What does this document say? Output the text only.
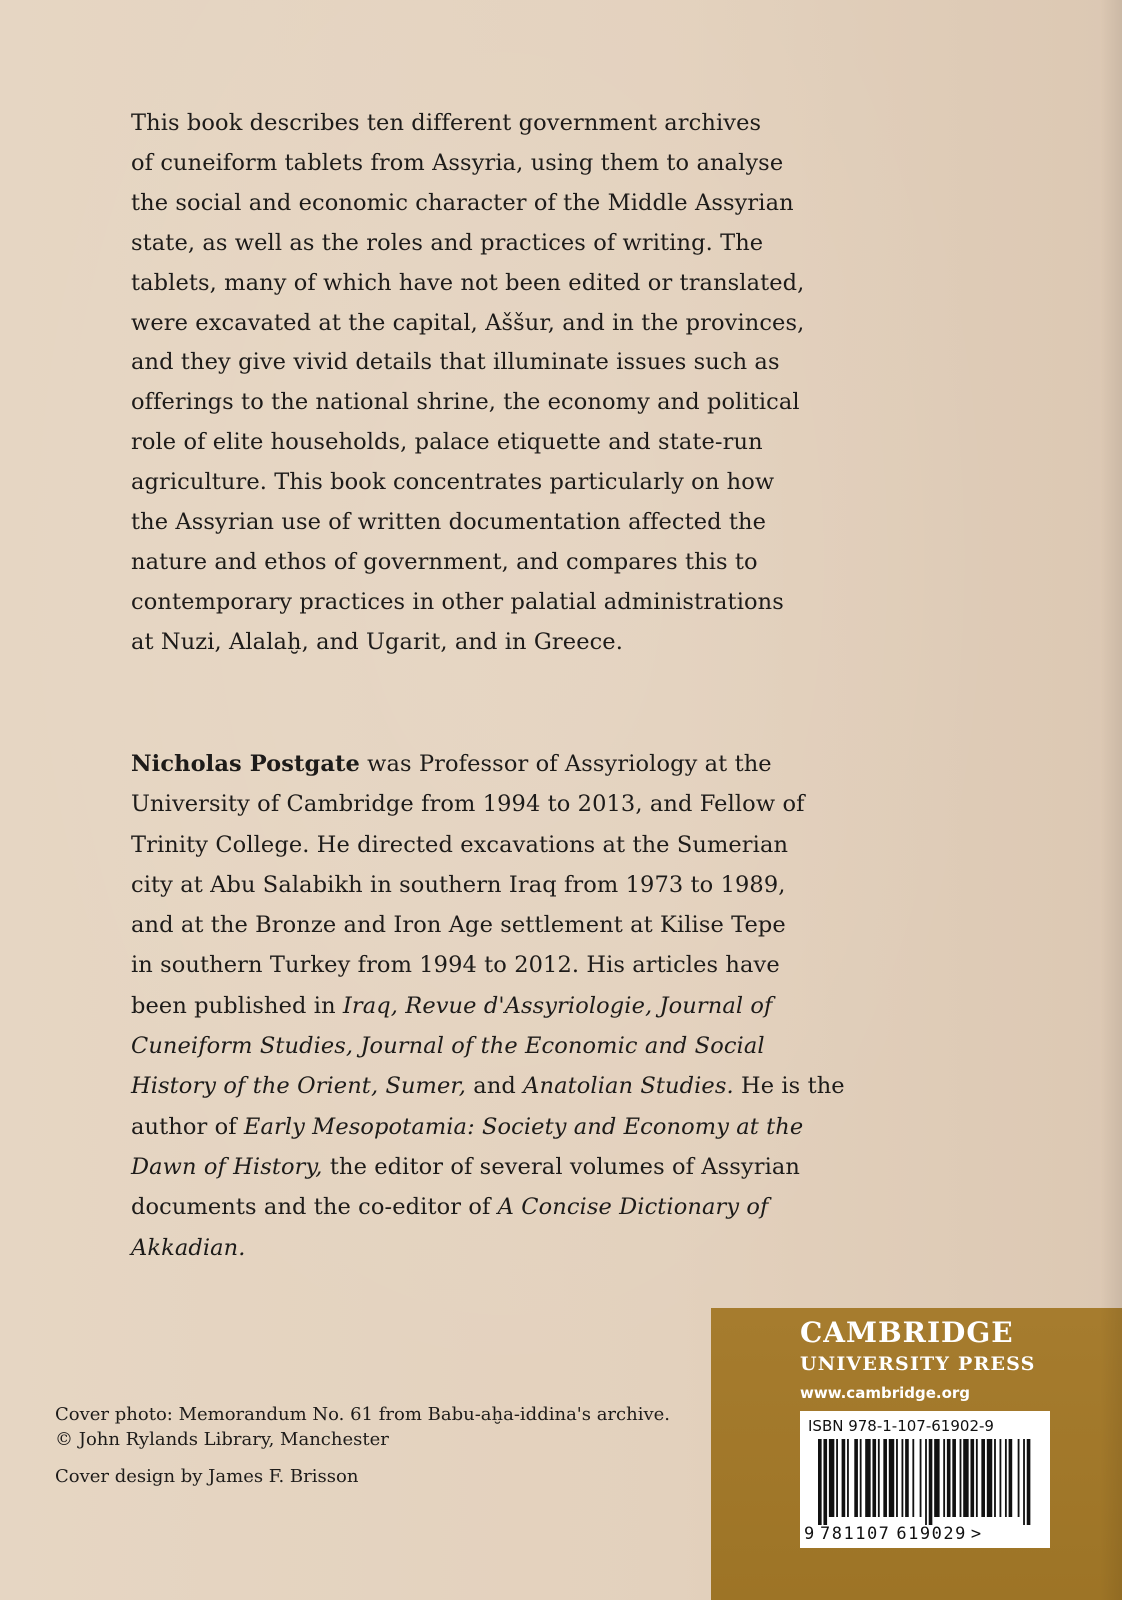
This book describes ten different government archives
of cuneiform tablets from Assyria, using them to analyse
the social and economic character of the Middle Assyrian
state, as well as the roles and practices of writing. The
tablets, many of which have not been edited or translated,
were excavated at the capital, Aššur, and in the provinces,
and they give vivid details that illuminate issues such as
offerings to the national shrine, the economy and political
role of elite households, palace etiquette and state-run
agriculture. This book concentrates particularly on how
the Assyrian use of written documentation affected the
nature and ethos of government, and compares this to
contemporary practices in other palatial administrations
at Nuzi, Alalaḫ, and Ugarit, and in Greece.
Nicholas Postgate was Professor of Assyriology at the
University of Cambridge from 1994 to 2013, and Fellow of
Trinity College. He directed excavations at the Sumerian
city at Abu Salabikh in southern Iraq from 1973 to 1989,
and at the Bronze and Iron Age settlement at Kilise Tepe
in southern Turkey from 1994 to 2012. His articles have
been published in Iraq, Revue d'Assyriologie, Journal of
Cuneiform Studies, Journal of the Economic and Social
History of the Orient, Sumer, and Anatolian Studies. He is the
author of Early Mesopotamia: Society and Economy at the
Dawn of History, the editor of several volumes of Assyrian
documents and the co-editor of A Concise Dictionary of
Akkadian.
Cover photo: Memorandum No. 61 from Babu-aḫa-iddina's archive.
© John Rylands Library, Manchester
Cover design by James F. Brisson
CAMBRIDGE
UNIVERSITY PRESS
www.cambridge.org
ISBN 978-1-107-61902-9
9 781107 619029 >
